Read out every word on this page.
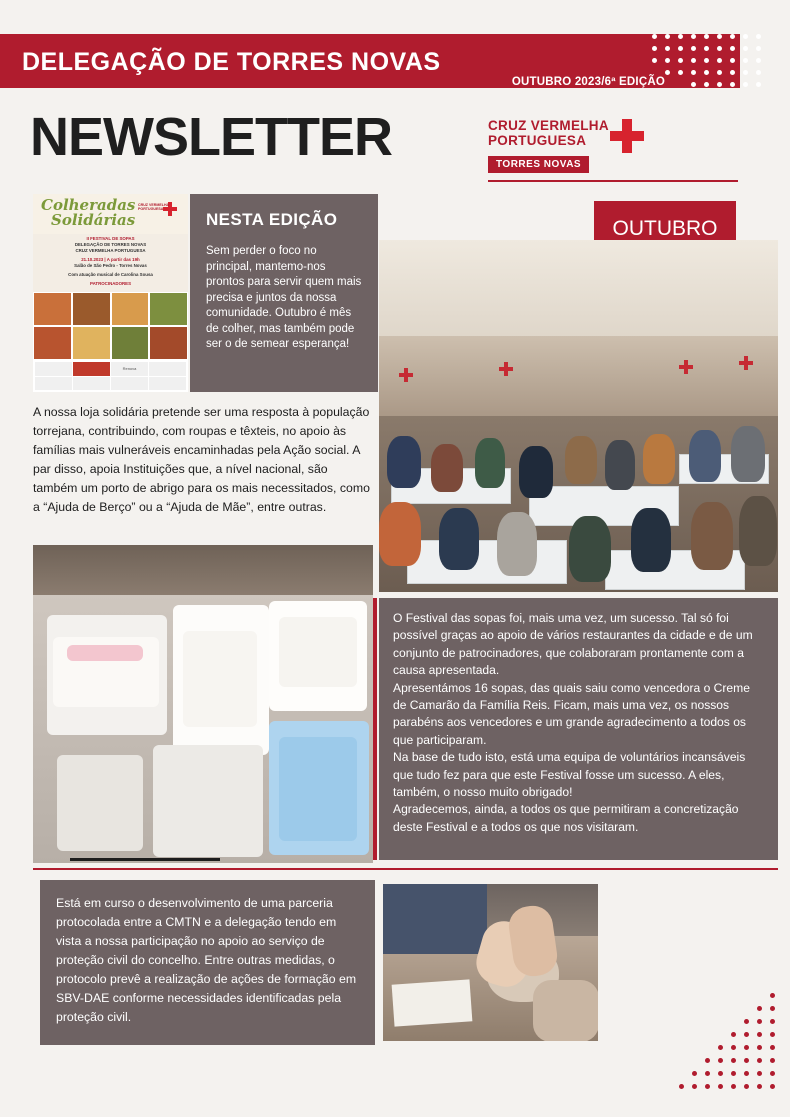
DELEGAÇÃO DE TORRES NOVAS
OUTUBRO 2023/6ª EDIÇÃO
NEWSLETTER	CRUZ VERMELHA
PORTUGUESA
TORRES NOVAS
Colheradas
Solidárias
CRUZ VERMELHA PORTUGUESA
II FESTIVAL DE SOPAS
DELEGAÇÃO DE TORRES NOVAS
CRUZ VERMELHA PORTUGUESA
21.10.2023 | A partir das 19h
Salão de São Pedro - Torres Novas
Com atuação musical de Carolina Sousa
PATROCINADORES
Renova
NESTA EDIÇÃO
Sem perder o foco no principal, mantemo-nos prontos para servir quem mais precisa e juntos da nossa comunidade. Outubro é mês de colher, mas também pode ser o de semear esperança!
OUTUBRO
A nossa loja solidária pretende ser uma resposta à população torrejana, contribuindo, com roupas e têxteis, no apoio às famílias mais vulneráveis encaminhadas pela Ação social. A par disso, apoia Instituições que, a nível nacional, são também um porto de abrigo para os mais necessitados, como a “Ajuda de Berço” ou a “Ajuda de Mãe”, entre outras.

O Festival das sopas foi, mais uma vez, um sucesso. Tal só foi possível graças ao apoio de vários restaurantes da cidade e de um conjunto de patrocinadores, que colaboraram prontamente com a causa apresentada.

Apresentámos 16 sopas, das quais saiu como vencedora o Creme de Camarão da Família Reis. Ficam, mais uma vez, os nossos parabéns aos vencedores e um grande agradecimento a todos os que participaram.

Na base de tudo isto, está uma equipa de voluntários incansáveis que tudo fez para que este Festival fosse um sucesso. A eles, também, o nosso muito obrigado!

Agradecemos, ainda, a todos os que permitiram a concretização deste Festival e a todos os que nos visitaram.

Está em curso o desenvolvimento de uma parceria protocolada entre a CMTN e a delegação tendo em vista a nossa participação no apoio ao serviço de proteção civil do concelho. Entre outras medidas, o protocolo prevê a realização de ações de formação em SBV-DAE conforme necessidades identificadas pela proteção civil.
